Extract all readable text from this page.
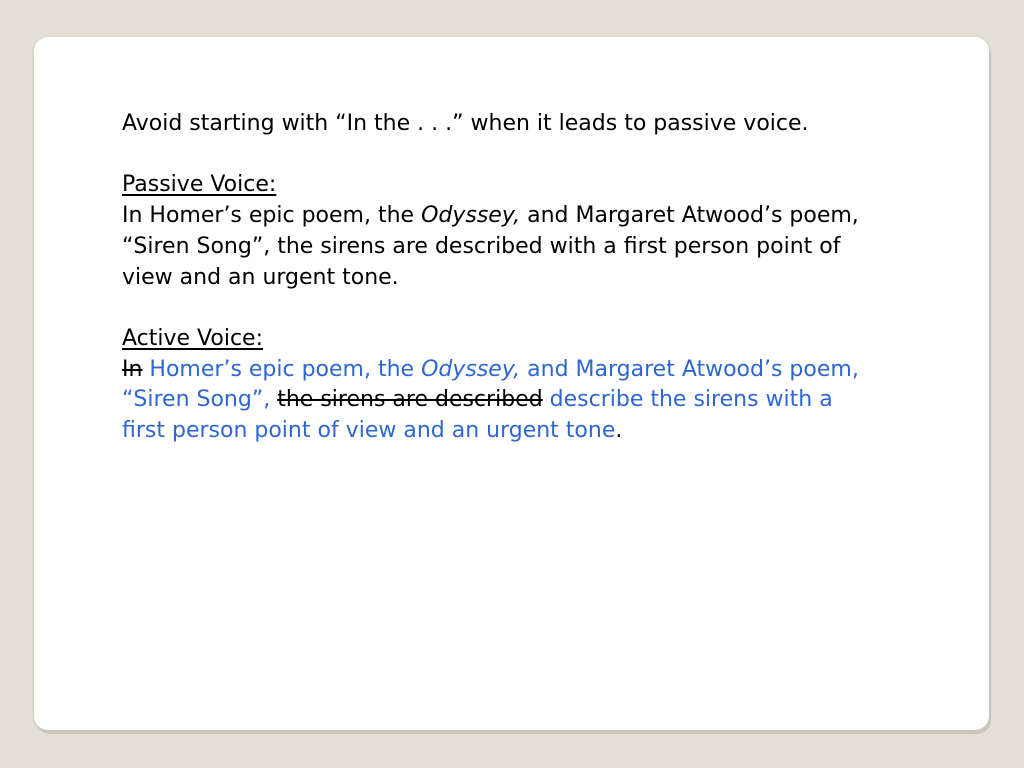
Avoid starting with “In the . . .” when it leads to passive voice.

Passive Voice:

In Homer’s epic poem, the Odyssey, and Margaret Atwood’s poem, “Siren Song”, the sirens are described with a first person point of view and an urgent tone.

Active Voice:

In Homer’s epic poem, the Odyssey, and Margaret Atwood’s poem, “Siren Song”, the sirens are described describe the sirens with a first person point of view and an urgent tone.
